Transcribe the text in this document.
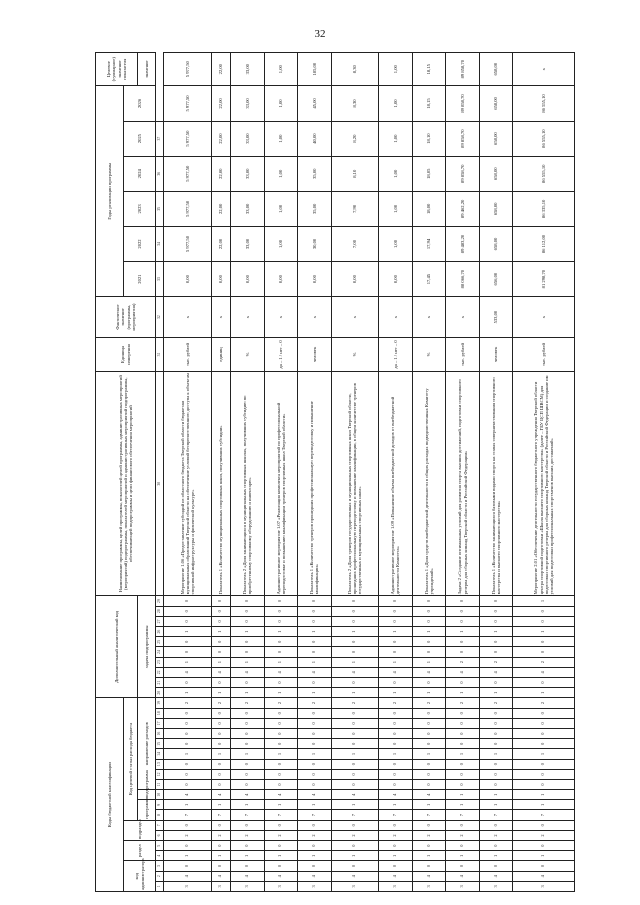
32
Коды бюджетной классификации																			Дополнительный аналитический код										Наименование программы, целей программы, показателей целей программы, административных мероприятий (мероприятий) подпрограммы, показателей мероприятий и административных мероприятий подпрограммы, обеспечивающей подпрограммы и цели финансового обеспечения мероприятий	Единица измерения	Фактическое значение (программы, мероприятия)	Годы реализации программы						Целевое (суммарное) значение показателя
код администратора			раздел		подраздел		Код целевой статьи расхода бюджета																									2021	2022	2023	2024	2025	2026	
							программа		подпрограмма	направление расходов									задача подпрограммы																			значение
1	2	3	4	5	6	7	8	9	10	11	12	13	14	15	16	17	18	19	20	21	22	23	24	25	26	27	28	29	30	31	32	33	34	35	36	37		
3	4	0	1	0	2	0	7	1	4	0	0	0	1	0	0	0	0	2	1	0	4	1	0	0	1	0	0	0	Мероприятие 1.06 «Предоставление субсидий из областного бюджета Тверской области бюджетам муниципальных образований Тверской области на обеспечение условий беспрепятственного доступа к объектам спортивной инфраструктуры и физической культуре»	тыс. рублей	х	0,00	5 977,50	5 977,50	5 977,50	5 977,50	5 977,50	5 977,50
3	4	0	1	0	2	0	7	1	4	0	0	0	1	0	0	0	0	2	1	0	4	1	0	0	1	0	0	0	Показатель 1 «Количество муниципальных спортивных школ, получивших субсидии»	единиц	х	0,00	22,00	22,00	22,00	22,00	22,00	22,00
3	4	0	1	0	2	0	7	1	4	0	0	0	1	0	0	0	0	2	1	0	4	1	0	0	1	0	0	0	Показатель 2 «Доля занимающихся в муниципальных спортивных школах, получивших субсидию по приобретенному спортивному оборудованию и инвентарю»	%	х	0,00	33,00	33,00	33,00	33,00	33,00	33,00
3	4	0	1	0	2	0	7	1	4	0	0	0	1	0	0	0	0	2	1	0	4	1	0	0	1	0	0	0	Административное мероприятие 1.07 «Реализация комплекса мероприятий по профессиональной переподготовке и повышению квалификации тренеров спортивных школ Тверской области»	да – 1 / нет – 0	х	0,00	1,00	1,00	1,00	1,00	1,00	1,00
3	4	0	1	0	2	0	7	1	4	0	0	0	1	0	0	0	0	2	1	0	4	1	0	0	1	0	0	0	Показатель 1 «Количество тренеров прошедших профессиональную переподготовку и повышение квалификации»	человек	х	0,00	30,00	35,00	35,00	40,00	45,00	185,00
3	4	0	1	0	2	0	7	1	4	0	0	0	1	0	0	0	0	2	1	0	4	1	0	0	1	0	0	0	Показатель 2 «Доля тренеров государственных и муниципальных спортивных школ Тверской области, прошедших профессиональную переподготовку и повышение квалификации, в общем количестве тренеров государственных и муниципальных спортивных школ»	%	х	0,00	7,00	7,90	8,10	8,20	8,30	8,30
3	4	0	1	0	2	0	7	1	4	0	0	0	1	0	0	0	0	2	1	0	4	1	0	0	1	0	0	0	Административное мероприятие 1.09 «Повышение объема внебюджетной доходов от внебюджетной деятельности Комитета»	да – 1 / нет – 0	х	0,00	1,00	1,00	1,00	1,00	1,00	1,00
3	4	0	1	0	2	0	7	1	4	0	0	0	1	0	0	0	0	2	1	0	4	1	0	0	1	0	0	0	Показатель 1 «Доля средств внебюджетной деятельности в общих расходах подведомственных Комитету учреждений»	%	х	17,45	17,94	18,00	18,05	18,10	18,15	18,15
3	4	0	1	0	2	0	7	1	1	0	0	0	1	0	0	0	0	2	1	0	4	2	0	0	1	0	0	0	Задача 2 «Создание оптимальных условий для развития спорта высших достижений, подготовки спортивного резерва для сборных команд Тверской области и Российской Федерации»	тыс. рублей	х	88 066,70	89 483,20	89 462,20	89 858,70	89 858,70	89 858,70	89 858,70
3	4	0	1	0	2	0	7	1	1	0	0	0	1	0	0	0	0	2	1	0	4	2	0	0	1	0	0	0	Показатель 1 «Количество занимающихся базовыми видами спорта на этапах совершенствования спортивного мастерства и высшего спортивного мастерства»	человек	533,00	656,00	658,00	658,00	658,00	658,00	658,00	658,00
3	4	0	1	0	2	0	7	1	1	0	0	0	1	0	0	0	0	2	1	0	4	2	0	0	1	0	0	1	Мероприятие 2.01 «Обеспечение деятельности государственного бюджетного учреждения Тверской области центра спортивной подготовки «Школа высшего спортивного мастерства» (далее – ГБУ ЦСП ШВСМ) для подготовки спортивного резерва для сборных команд Тверской области и Российской Федерации и создание им условий для подготовки профессиональных спортсменов высших достижений»	тыс. рублей	х	81 298,70	86 112,00	86 335,10	86 555,10	86 555,10	86 555,10	х
